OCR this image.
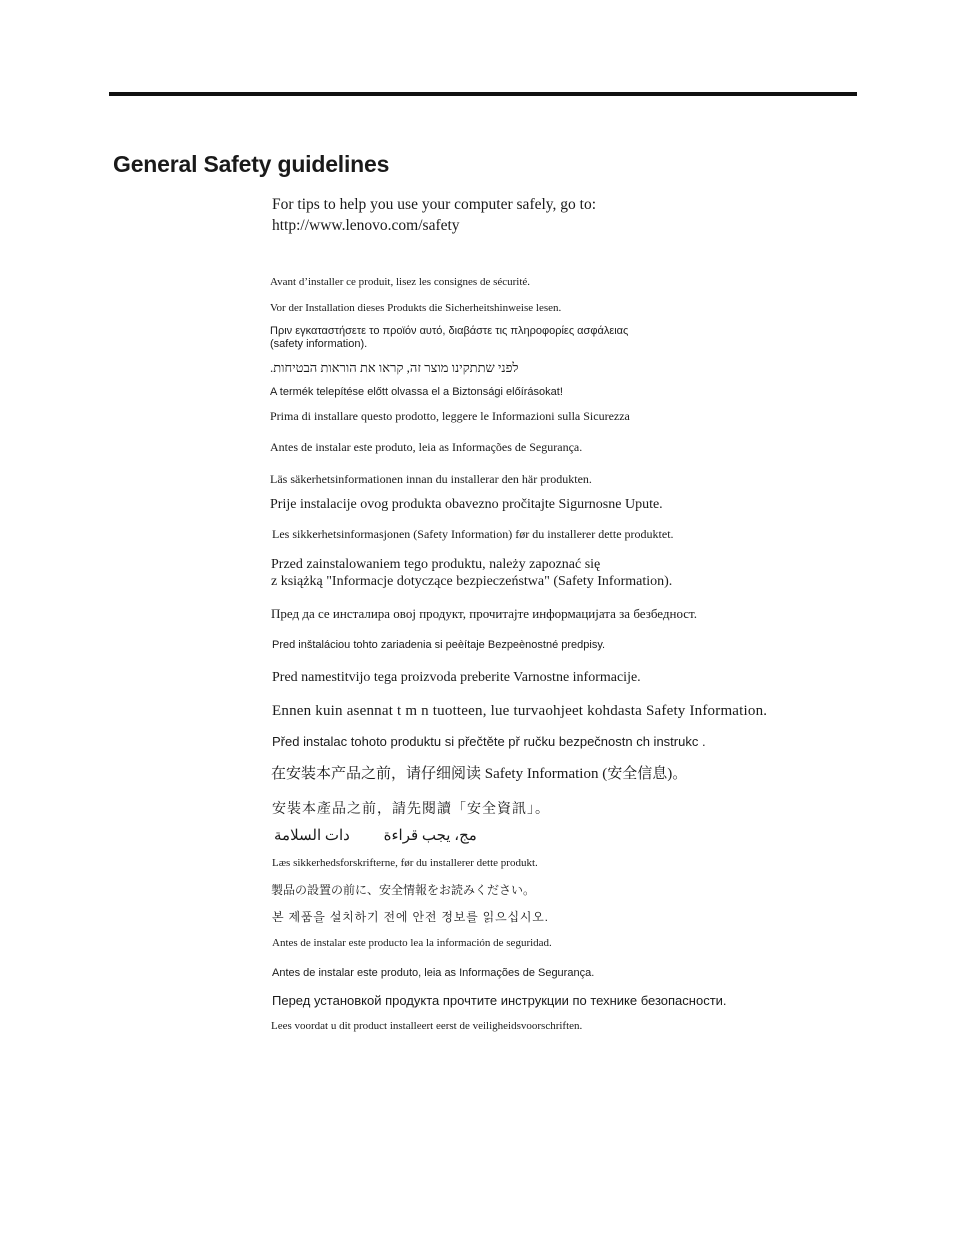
General Safety guidelines
For tips to help you use your computer safely, go to:
http://www.lenovo.com/safety
Avant d’installer ce produit, lisez les consignes de sécurité.
Vor der Installation dieses Produkts die Sicherheitshinweise lesen.
Πριν εγκαταστήσετε το προϊόν αυτό, διαβάστε τις πληροφορίες ασφάλειας
(safety information).
לפני שתתקינו מוצר זה, קראו את הוראות הבטיחות.
A termék telepítése előtt olvassa el a Biztonsági előírásokat!
Prima di installare questo prodotto, leggere le Informazioni sulla Sicurezza
Antes de instalar este produto, leia as Informações de Segurança.
Läs säkerhetsinformationen innan du installerar den här produkten.
Prije instalacije ovog produkta obavezno pročitajte Sigurnosne Upute.
Les sikkerhetsinformasjonen (Safety Information) før du installerer dette produktet.
Przed zainstalowaniem tego produktu, należy zapoznać się
z książką "Informacje dotyczące bezpieczeństwa" (Safety Information).
Пред да се инсталира овој продукт, прочитајте информацијата за безбедност.
Pred inštaláciou tohto zariadenia si peèítaje Bezpeènostné predpisy.
Pred namestitvijo tega proizvoda preberite Varnostne informacije.
Ennen kuin asennat t m n tuotteen, lue turvaohjeet kohdasta Safety Information.
Před instalac tohoto produktu si přečtěte př ručku bezpečnostn ch instrukc .
在安装本产品之前，请仔细阅读 Safety Information (安全信息)。
安裝本產品之前，請先閱讀「安全資訊」。
مج، يجب قراءة         دات السلامة
Læs sikkerhedsforskrifterne, før du installerer dette produkt.
製品の設置の前に、安全情報をお読みください。
본 제품을 설치하기 전에 안전 정보를 읽으십시오.
Antes de instalar este producto lea la información de seguridad.
Antes de instalar este produto, leia as Informações de Segurança.
Перед установкой продукта прочтите инструкции по технике безопасности.
Lees voordat u dit product installeert eerst de veiligheidsvoorschriften.
